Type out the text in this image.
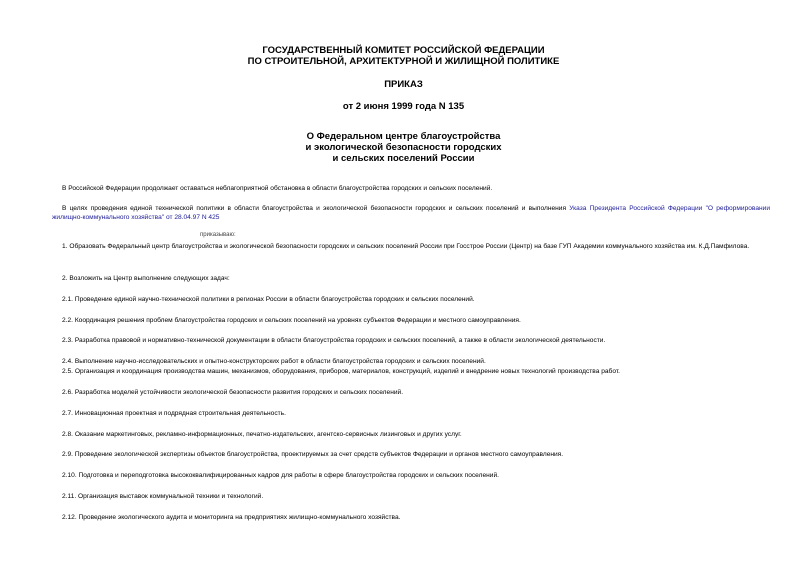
ГОСУДАРСТВЕННЫЙ КОМИТЕТ РОССИЙСКОЙ ФЕДЕРАЦИИ
ПО СТРОИТЕЛЬНОЙ, АРХИТЕКТУРНОЙ И ЖИЛИЩНОЙ ПОЛИТИКЕ
ПРИКАЗ
от 2 июня 1999 года N 135
О Федеральном центре благоустройства
и экологической безопасности городских
и сельских поселений России
В Российской Федерации продолжает оставаться неблагоприятной обстановка в области благоустройства городских и сельских поселений.
В целях проведения единой технической политики в области благоустройства и экологической безопасности городских и сельских поселений и выполнения Указа Президента Российской Федерации "О реформировании жилищно-коммунального хозяйства" от 28.04.97 N 425
приказываю:
1. Образовать Федеральный центр благоустройства и экологической безопасности городских и сельских поселений России при Госстрое России (Центр) на базе ГУП Академии коммунального хозяйства им. К.Д.Памфилова.
2. Возложить на Центр выполнение следующих задач:
2.1. Проведение единой научно-технической политики в регионах России в области благоустройства городских и сельских поселений.
2.2. Координация решения проблем благоустройства городских и сельских поселений на уровнях субъектов Федерации и местного самоуправления.
2.3. Разработка правовой и нормативно-технической документации в области благоустройства городских и сельских поселений, а также в области экологической деятельности.
2.4. Выполнение научно-исследовательских и опытно-конструкторских работ в области благоустройства городских и сельских поселений.
2.5. Организация и координация производства машин, механизмов, оборудования, приборов, материалов, конструкций, изделий и внедрение новых технологий производства работ.
2.6. Разработка моделей устойчивости экологической безопасности развития городских и сельских поселений.
2.7. Инновационная проектная и подрядная строительная деятельность.
2.8. Оказание маркетинговых, рекламно-информационных, печатно-издательских, агентско-сервисных лизинговых и других услуг.
2.9. Проведение экологической экспертизы объектов благоустройства, проектируемых за счет средств субъектов Федерации и органов местного самоуправления.
2.10. Подготовка и переподготовка высококвалифицированных кадров для работы в сфере благоустройства городских и сельских поселений.
2.11. Организация выставок коммунальной техники и технологий.
2.12. Проведение экологического аудита и мониторинга на предприятиях жилищно-коммунального хозяйства.
